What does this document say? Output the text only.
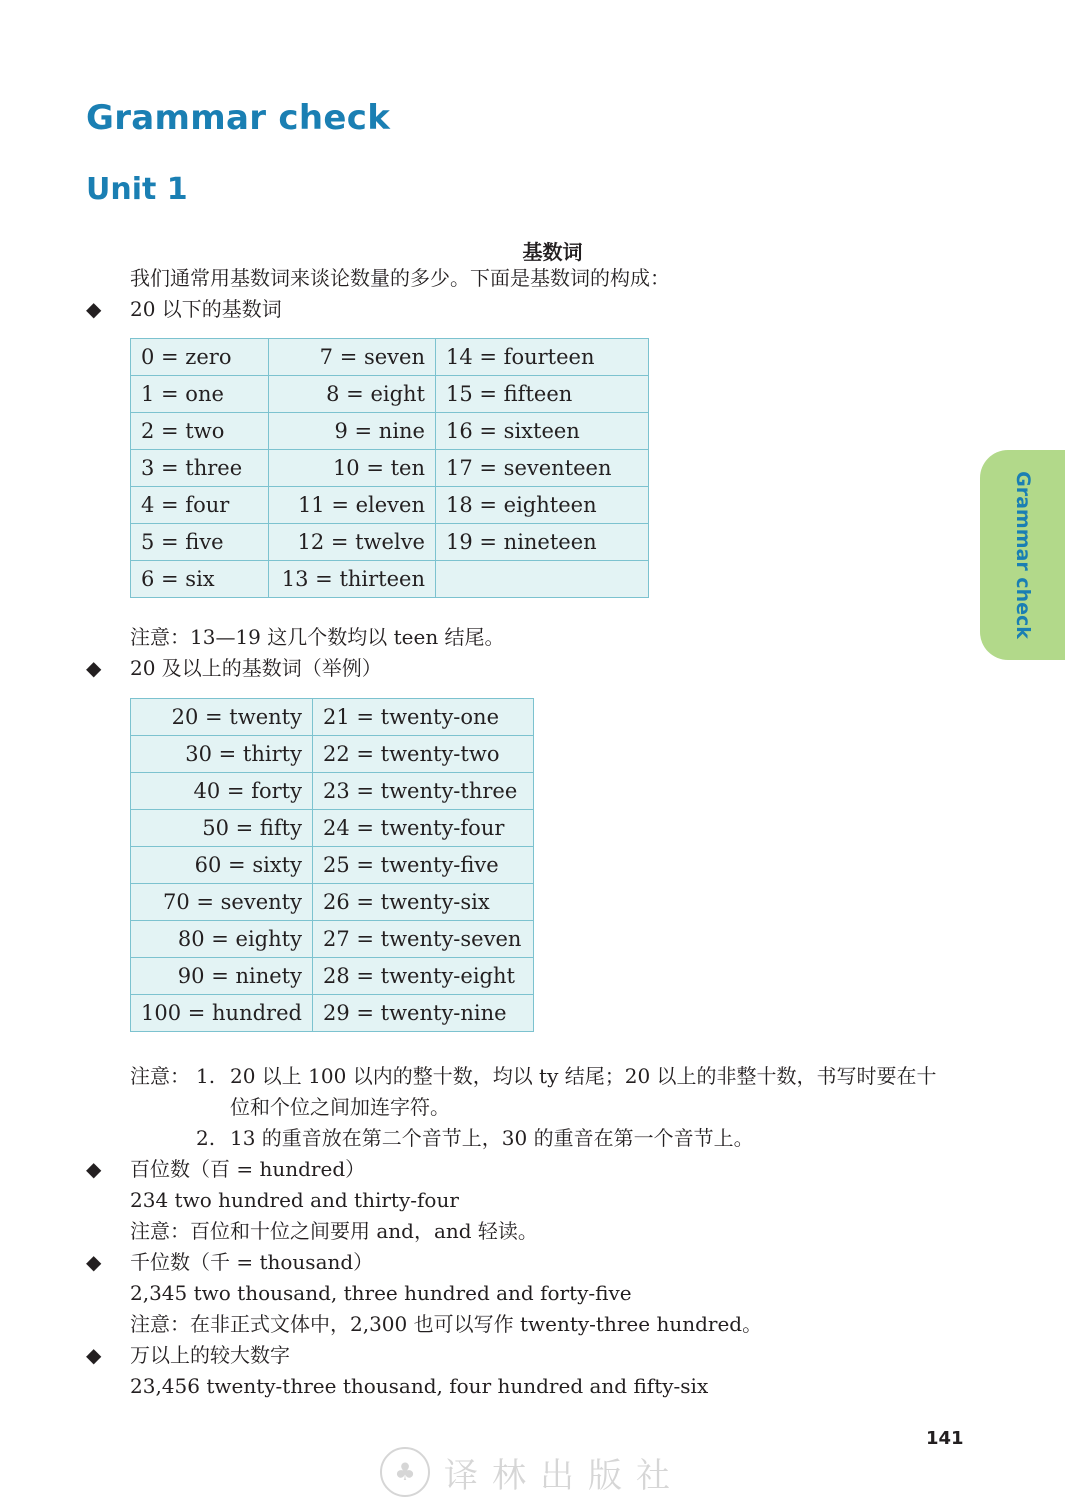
Grammar check
Unit 1
基数词
我们通常用基数词来谈论数量的多少。下面是基数词的构成：
◆ 20 以下的基数词
0 = zero	7 = seven	14 = fourteen
1 = one	8 = eight	15 = fifteen
2 = two	9 = nine	16 = sixteen
3 = three	10 = ten	17 = seventeen
4 = four	11 = eleven	18 = eighteen
5 = five	12 = twelve	19 = nineteen
6 = six	13 = thirteen	
注意：13—19 这几个数均以 teen 结尾。
◆ 20 及以上的基数词（举例）
20 = twenty	21 = twenty-one
30 = thirty	22 = twenty-two
40 = forty	23 = twenty-three
50 = fifty	24 = twenty-four
60 = sixty	25 = twenty-five
70 = seventy	26 = twenty-six
80 = eighty	27 = twenty-seven
90 = ninety	28 = twenty-eight
100 = hundred	29 = twenty-nine
注意： 1. 20 以上 100 以内的整十数，均以 ty 结尾；20 以上的非整十数，书写时要在十
位和个位之间加连字符。
2. 13 的重音放在第二个音节上，30 的重音在第一个音节上。
◆ 百位数（百 = hundred）
234 two hundred and thirty-four
注意：百位和十位之间要用 and，and 轻读。
◆ 千位数（千 = thousand）
2,345 two thousand, three hundred and forty-five
注意：在非正式文体中，2,300 也可以写作 twenty-three hundred。
◆ 万以上的较大数字
23,456 twenty-three thousand, four hundred and fifty-six
Grammar check
141
♣ 译林出版社
